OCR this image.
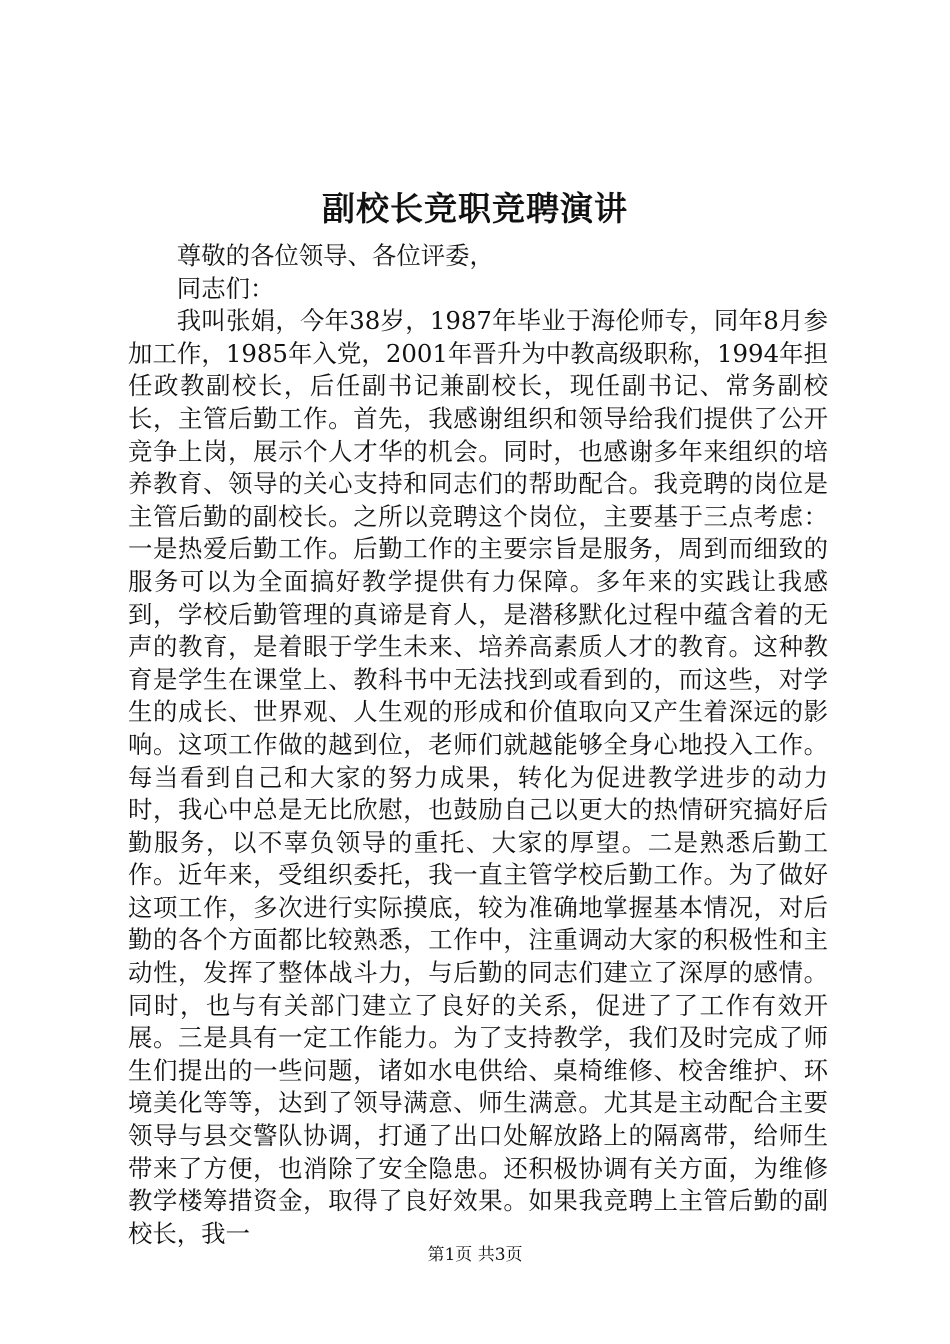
副校长竞职竞聘演讲

尊敬的各位领导、各位评委，

同志们：

我叫张娟，今年38岁，1987年毕业于海伦师专，同年8月参加工作，1985年入党，2001年晋升为中教高级职称，1994年担任政教副校长，后任副书记兼副校长，现任副书记、常务副校长，主管后勤工作。首先，我感谢组织和领导给我们提供了公开竞争上岗，展示个人才华的机会。同时，也感谢多年来组织的培养教育、领导的关心支持和同志们的帮助配合。我竞聘的岗位是主管后勤的副校长。之所以竞聘这个岗位，主要基于三点考虑：一是热爱后勤工作。后勤工作的主要宗旨是服务，周到而细致的服务可以为全面搞好教学提供有力保障。多年来的实践让我感到，学校后勤管理的真谛是育人，是潜移默化过程中蕴含着的无声的教育，是着眼于学生未来、培养高素质人才的教育。这种教育是学生在课堂上、教科书中无法找到或看到的，而这些，对学生的成长、世界观、人生观的形成和价值取向又产生着深远的影响。这项工作做的越到位，老师们就越能够全身心地投入工作。每当看到自己和大家的努力成果，转化为促进教学进步的动力时，我心中总是无比欣慰，也鼓励自己以更大的热情研究搞好后勤服务，以不辜负领导的重托、大家的厚望。二是熟悉后勤工作。近年来，受组织委托，我一直主管学校后勤工作。为了做好这项工作，多次进行实际摸底，较为准确地掌握基本情况，对后勤的各个方面都比较熟悉，工作中，注重调动大家的积极性和主动性，发挥了整体战斗力，与后勤的同志们建立了深厚的感情。同时，也与有关部门建立了良好的关系，促进了了工作有效开展。三是具有一定工作能力。为了支持教学，我们及时完成了师生们提出的一些问题，诸如水电供给、桌椅维修、校舍维护、环境美化等等，达到了领导满意、师生满意。尤其是主动配合主要领导与县交警队协调，打通了出口处解放路上的隔离带，给师生带来了方便，也消除了安全隐患。还积极协调有关方面，为维修教学楼筹措资金，取得了良好效果。如果我竞聘上主管后勤的副校长，我一

第1页 共3页
